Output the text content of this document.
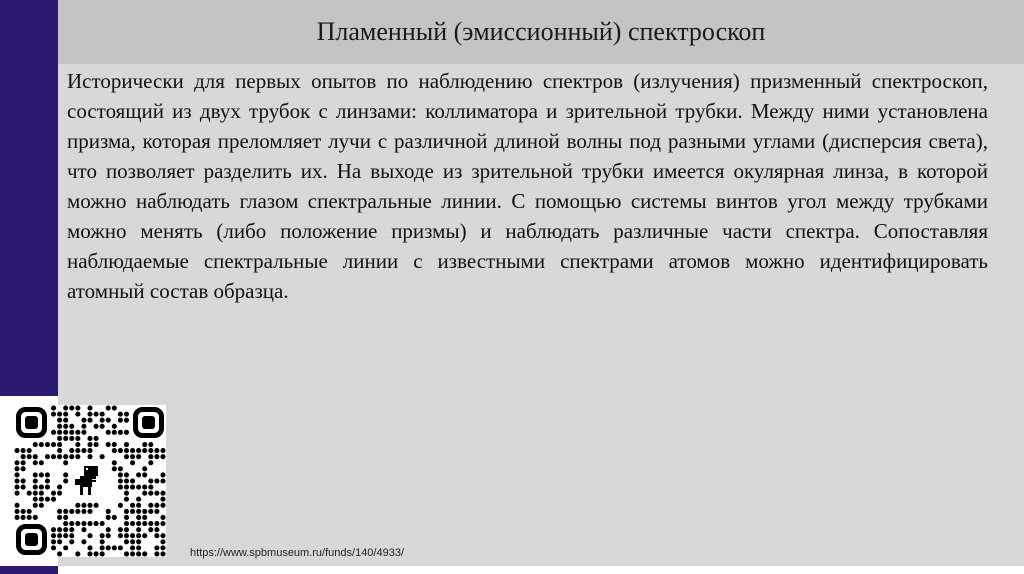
Пламенный (эмиссионный) спектроскоп

Исторически для первых опытов по наблюдению спектров (излучения) призменный спектроскоп, состоящий из двух трубок с линзами: коллиматора и зрительной трубки. Между ними установлена призма, которая преломляет лучи с различной длиной волны под разными углами (дисперсия света), что позволяет разделить их. На выходе из зрительной трубки имеется окулярная линза, в которой можно наблюдать глазом спектральные линии. С помощью системы винтов угол между трубками можно менять (либо положение призмы) и наблюдать различные части спектра. Сопоставляя наблюдаемые спектральные линии с известными спектрами атомов можно идентифицировать атомный состав образца.

https://www.spbmuseum.ru/funds/140/4933/
